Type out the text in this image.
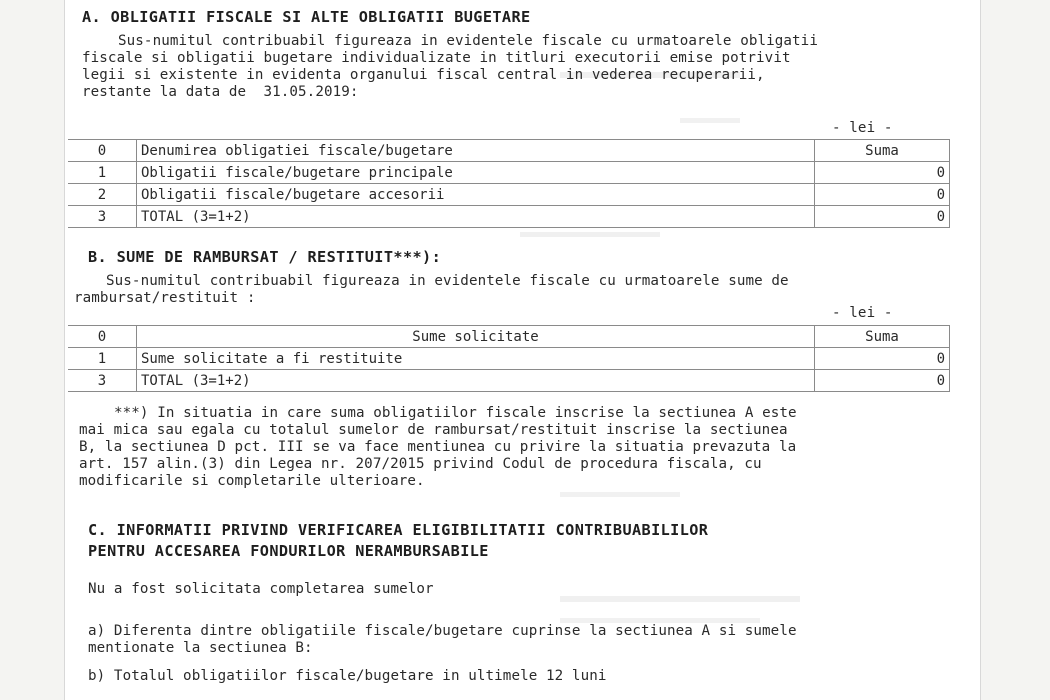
A. OBLIGATII FISCALE SI ALTE OBLIGATII BUGETARE
Sus-numitul contribuabil figureaza in evidentele fiscale cu urmatoarele obligatii
fiscale si obligatii bugetare individualizate in titluri executorii emise potrivit
legii si existente in evidenta organului fiscal central in vederea recuperarii,
restante la data de  31.05.2019:
- lei -
0	Denumirea obligatiei fiscale/bugetare	Suma
1	Obligatii fiscale/bugetare principale	0
2	Obligatii fiscale/bugetare accesorii	0
3	TOTAL (3=1+2)	0
B. SUME DE RAMBURSAT / RESTITUIT***):
Sus-numitul contribuabil figureaza in evidentele fiscale cu urmatoarele sume de
rambursat/restituit :
- lei -
0	Sume solicitate	Suma
1	Sume solicitate a fi restituite	0
3	TOTAL (3=1+2)	0
***) In situatia in care suma obligatiilor fiscale inscrise la sectiunea A este
mai mica sau egala cu totalul sumelor de rambursat/restituit inscrise la sectiunea
B, la sectiunea D pct. III se va face mentiunea cu privire la situatia prevazuta la
art. 157 alin.(3) din Legea nr. 207/2015 privind Codul de procedura fiscala, cu
modificarile si completarile ulterioare.
C. INFORMATII PRIVIND VERIFICAREA ELIGIBILITATII CONTRIBUABILILOR
PENTRU ACCESAREA FONDURILOR NERAMBURSABILE
Nu a fost solicitata completarea sumelor
a) Diferenta dintre obligatiile fiscale/bugetare cuprinse la sectiunea A si sumele
mentionate la sectiunea B:
b) Totalul obligatiilor fiscale/bugetare in ultimele 12 luni
